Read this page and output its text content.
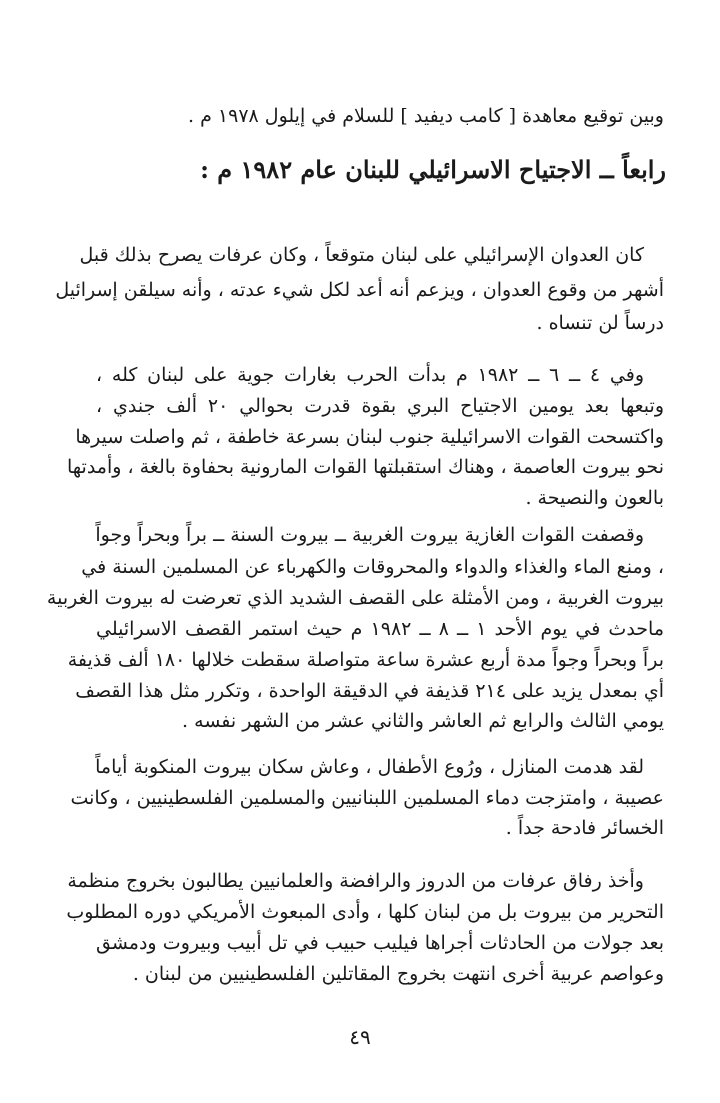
وبين توقيع معاهدة [ كامب ديفيد ] للسلام في إيلول ١٩٧٨ م .
رابعاً ــ الاجتياح الاسرائيلي للبنان عام ١٩٨٢ م :
كان العدوان الإسرائيلي على لبنان متوقعاً ، وكان عرفات يصرح بذلك قبل
أشهر من وقوع العدوان ، ويزعم أنه أعد لكل شيء عدته ، وأنه سيلقن إسرائيل
درساً لن تنساه .
وفي ٤ ــ ٦ ــ ١٩٨٢ م بدأت الحرب بغارات جوية على لبنان كله ،
وتبعها بعد يومين الاجتياح البري بقوة قدرت بحوالي ٢٠ ألف جندي ،
واكتسحت القوات الاسرائيلية جنوب لبنان بسرعة خاطفة ، ثم واصلت سيرها
نحو بيروت العاصمة ، وهناك استقبلتها القوات المارونية بحفاوة بالغة ، وأمدتها
بالعون والنصيحة .
وقصفت القوات الغازية بيروت الغربية ــ بيروت السنة ــ براً وبحراً وجواً
، ومنع الماء والغذاء والدواء والمحروقات والكهرباء عن المسلمين السنة في
بيروت الغربية ، ومن الأمثلة على القصف الشديد الذي تعرضت له بيروت الغربية
ماحدث في يوم الأحد ١ ــ ٨ ــ ١٩٨٢ م حيث استمر القصف الاسرائيلي
براً وبحراً وجواً مدة أربع عشرة ساعة متواصلة سقطت خلالها ١٨٠ ألف قذيفة
أي بمعدل يزيد على ٢١٤ قذيفة في الدقيقة الواحدة ، وتكرر مثل هذا القصف
يومي الثالث والرابع ثم العاشر والثاني عشر من الشهر نفسه .
لقد هدمت المنازل ، ورُوع الأطفال ، وعاش سكان بيروت المنكوبة أياماً
عصيبة ، وامتزجت دماء المسلمين اللبنانيين والمسلمين الفلسطينيين ، وكانت
الخسائر فادحة جداً .
وأخذ رفاق عرفات من الدروز والرافضة والعلمانيين يطالبون بخروج منظمة
التحرير من بيروت بل من لبنان كلها ، وأدى المبعوث الأمريكي دوره المطلوب
بعد جولات من الحادثات أجراها فيليب حبيب في تل أبيب وبيروت ودمشق
وعواصم عربية أخرى انتهت بخروج المقاتلين الفلسطينيين من لبنان .
٤٩
